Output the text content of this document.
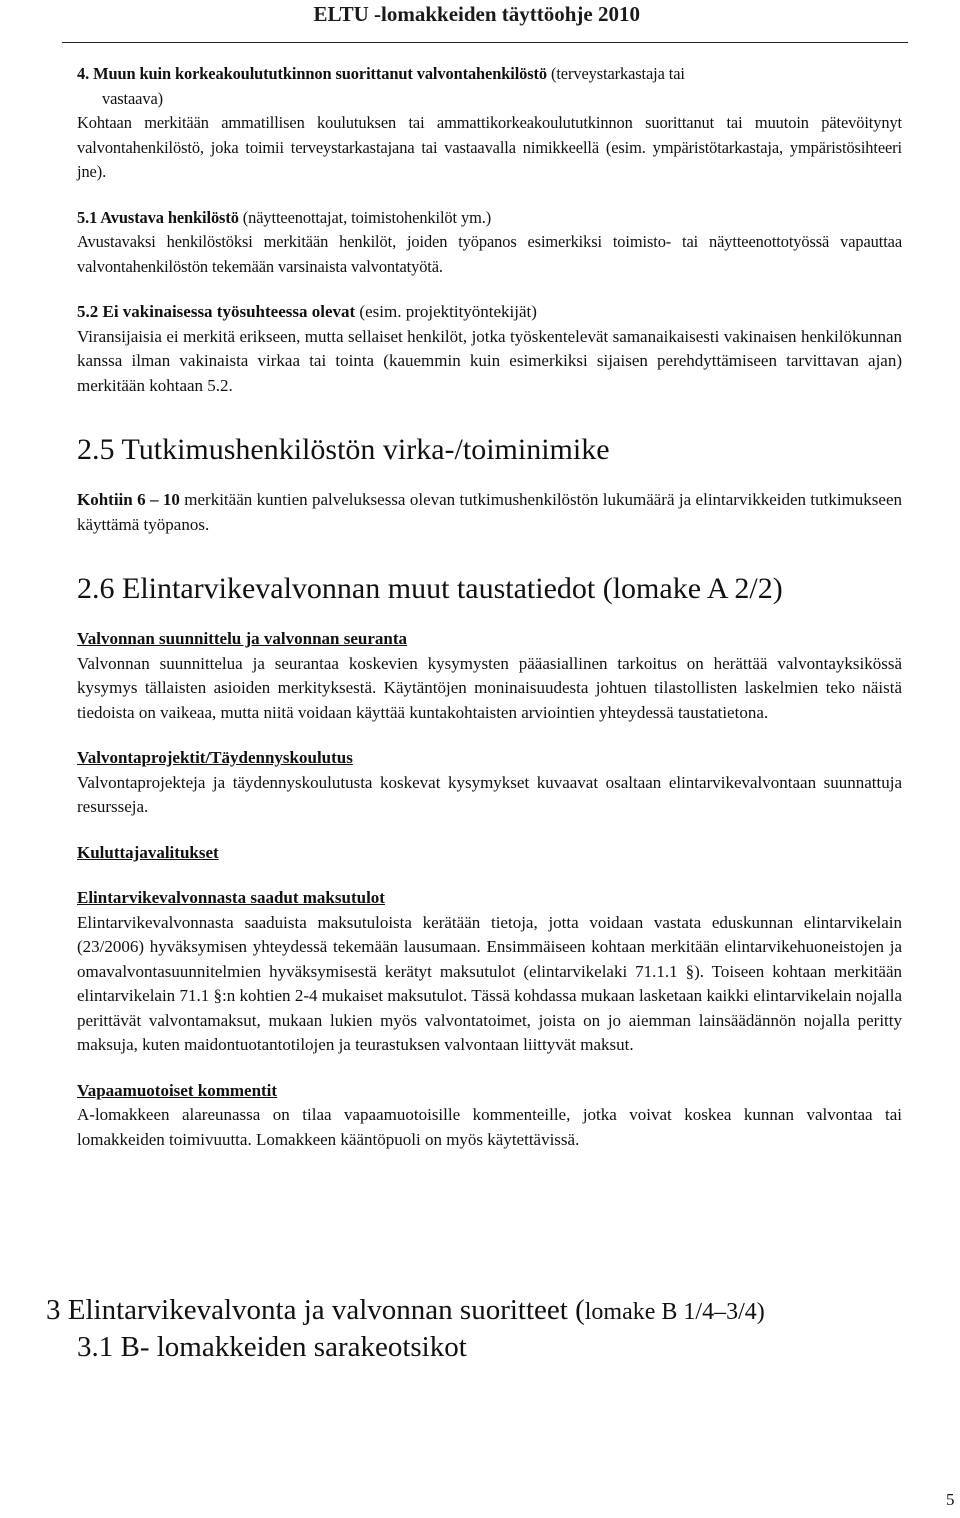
ELTU -lomakkeiden täyttöohje 2010

4. Muun kuin korkeakoulututkinnon suorittanut valvontahenkilöstö (terveystarkastaja tai
vastaava)
Kohtaan merkitään ammatillisen koulutuksen tai ammattikorkeakoulututkinnon suorittanut tai muutoin pätevöitynyt valvontahenkilöstö, joka toimii terveystarkastajana tai vastaavalla nimikkeellä (esim. ympäristötarkastaja, ympäristösihteeri jne).

5.1 Avustava henkilöstö (näytteenottajat, toimistohenkilöt ym.)
Avustavaksi henkilöstöksi merkitään henkilöt, joiden työpanos esimerkiksi toimisto- tai näytteenottotyössä vapauttaa valvontahenkilöstön tekemään varsinaista valvontatyötä.

5.2 Ei vakinaisessa työsuhteessa olevat (esim. projektityöntekijät)
Viransijaisia ei merkitä erikseen, mutta sellaiset henkilöt, jotka työskentelevät samanaikaisesti vakinaisen henkilökunnan kanssa ilman vakinaista virkaa tai tointa (kauemmin kuin esimerkiksi sijaisen perehdyttämiseen tarvittavan ajan) merkitään kohtaan 5.2.

2.5 Tutkimushenkilöstön virka-/toiminimike

Kohtiin 6 – 10 merkitään kuntien palveluksessa olevan tutkimushenkilöstön lukumäärä ja elintarvikkeiden tutkimukseen käyttämä työpanos.

2.6 Elintarvikevalvonnan muut taustatiedot (lomake A 2/2)

Valvonnan suunnittelu ja valvonnan seuranta
Valvonnan suunnittelua ja seurantaa koskevien kysymysten pääasiallinen tarkoitus on herättää valvontayksikössä kysymys tällaisten asioiden merkityksestä. Käytäntöjen moninaisuudesta johtuen tilastollisten laskelmien teko näistä tiedoista on vaikeaa, mutta niitä voidaan käyttää kuntakohtaisten arviointien yhteydessä taustatietona.

Valvontaprojektit/Täydennyskoulutus
Valvontaprojekteja ja täydennyskoulutusta koskevat kysymykset kuvaavat osaltaan elintarvikevalvontaan suunnattuja resursseja.

Kuluttajavalitukset

Elintarvikevalvonnasta saadut maksutulot
Elintarvikevalvonnasta saaduista maksutuloista kerätään tietoja, jotta voidaan vastata eduskunnan elintarvikelain (23/2006) hyväksymisen yhteydessä tekemään lausumaan. Ensimmäiseen kohtaan merkitään elintarvikehuoneistojen ja omavalvontasuunnitelmien hyväksymisestä kerätyt maksutulot (elintarvikelaki 71.1.1 §). Toiseen kohtaan merkitään elintarvikelain 71.1 §:n kohtien 2-4 mukaiset maksutulot. Tässä kohdassa mukaan lasketaan kaikki elintarvikelain nojalla perittävät valvontamaksut, mukaan lukien myös valvontatoimet, joista on jo aiemman lainsäädännön nojalla peritty maksuja, kuten maidontuotantotilojen ja teurastuksen valvontaan liittyvät maksut.

Vapaamuotoiset kommentit
A-lomakkeen alareunassa on tilaa vapaamuotoisille kommenteille, jotka voivat koskea kunnan valvontaa tai lomakkeiden toimivuutta. Lomakkeen kääntöpuoli on myös käytettävissä.

3 Elintarvikevalvonta ja valvonnan suoritteet (lomake B 1/4–3/4)
3.1 B- lomakkeiden sarakeotsikot
5
